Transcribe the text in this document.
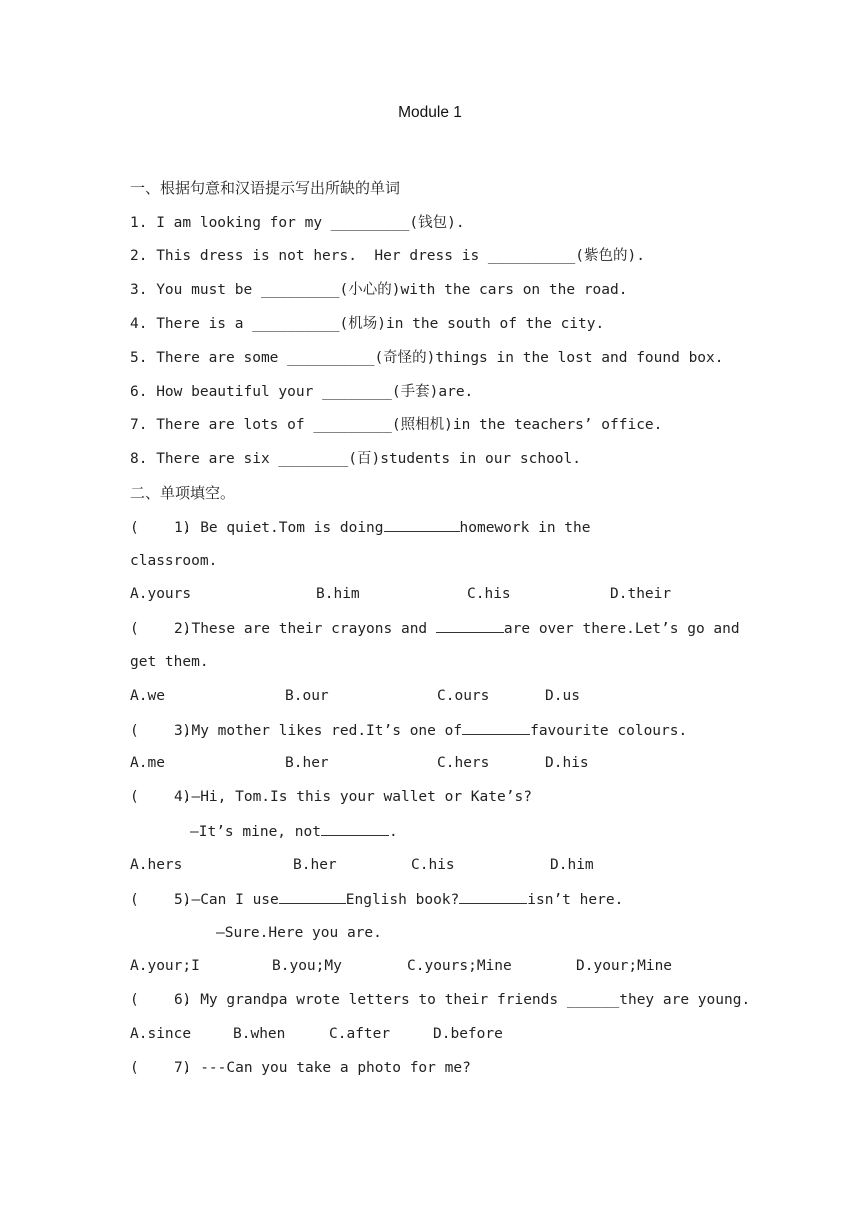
Module 1
一、根据句意和汉语提示写出所缺的单词
1. I am looking for my _________(钱包).
2. This dress is not hers.  Her dress is __________(紫色的).
3. You must be _________(小心的)with the cars on the road.
4. There is a __________(机场)in the south of the city.
5. There are some __________(奇怪的)things in the lost and found box.
6. How beautiful your ________(手套)are.
7. There are lots of _________(照相机)in the teachers’ office.
8. There are six ________(百)students in our school.
二、单项填空。
(     )1. Be quiet.Tom is doing	homework in the
classroom.
A.yours	B.him	C.his	D.their
(     )2.These are their crayons and	are over there.Let’s go and
get them.
A.we	B.our	C.ours	D.us
(     )3.My mother likes red.It’s one of	favourite colours.
A.me	B.her	C.hers	D.his
(     )4.—Hi, Tom.Is this your wallet or Kate’s?
—It’s mine, not	.
A.hers	B.her	C.his	D.him
(     )5.—Can I use	English book?	isn’t here.
—Sure.Here you are.
A.your;I	B.you;My	C.yours;Mine	D.your;Mine
(     )6. My grandpa wrote letters to their friends ______they are young.
A.since	B.when	C.after	D.before
(     )7. ---Can you take a photo for me?
